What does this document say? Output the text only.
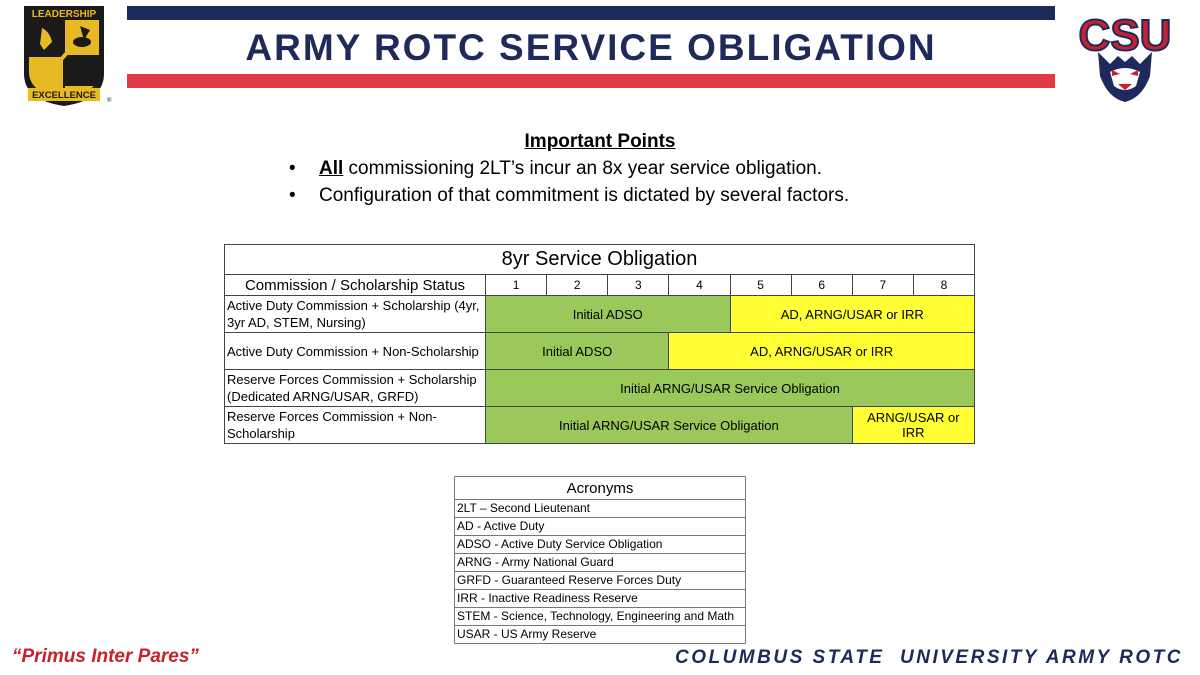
ARMY ROTC SERVICE OBLIGATION
LEADERSHIP
EXCELLENCE ®
CSU
Important Points
• All commissioning 2LT’s incur an 8x year service obligation.
• Configuration of that commitment is dictated by several factors.
8yr Service Obligation								
Commission / Scholarship Status	1	2	3	4	5	6	7	8
Active Duty Commission + Scholarship (4yr, 3yr AD, STEM, Nursing)	Initial ADSO				AD, ARNG/USAR or IRR			
Active Duty Commission + Non-Scholarship	Initial ADSO			AD, ARNG/USAR or IRR				
Reserve Forces Commission + Scholarship (Dedicated ARNG/USAR, GRFD)	Initial ARNG/USAR Service Obligation							
Reserve Forces Commission + Non-Scholarship	Initial ARNG/USAR Service Obligation						ARNG/USAR or IRR	
Acronyms
2LT – Second Lieutenant
AD - Active Duty
ADSO - Active Duty Service Obligation
ARNG - Army National Guard
GRFD - Guaranteed Reserve Forces Duty
IRR - Inactive Readiness Reserve
STEM - Science, Technology, Engineering and Math
USAR - US Army Reserve
“Primus Inter Pares”	COLUMBUS STATE  UNIVERSITY ARMY ROTC
